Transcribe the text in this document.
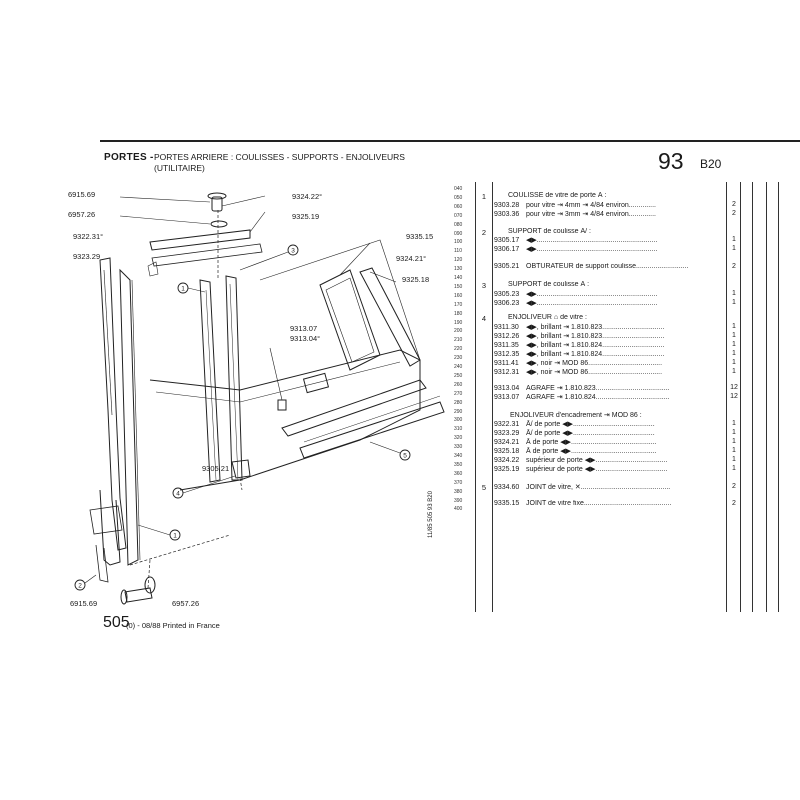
PORTES - PORTES ARRIERE : COULISSES - SUPPORTS - ENJOLIVEURS
(UTILITAIRE)	93 B20
1
3
4
1
5
2
6915.69
6957.26
9322.31°
9323.29
9324.22°
9325.19
9335.15
9324.21°
9325.18
9313.07
9313.04°
9305.21
6915.69	6957.26
040
050
060
070
080
090
100
110
120
130
140
150
160
170
180
190
200
210
220
230
240
250
260
270
280
290
300
310
320
330
340
350
360
370
380
390
400
1	COULISSE de vitre de porte Ā :
9303.28 pour vitre ⇥ 4mm ⇥ 4/84 environ..............	2
9303.36 pour vitre ⇥ 3mm ⇥ 4/84 environ..............	2
2	SUPPORT de coulisse Ā/ :
9305.17 ◀▶..............................................................	1
9306.17 ◀▶..............................................................	1
9305.21 OBTURATEUR de support coulisse...........................	2
3	SUPPORT de coulisse Ā :
9305.23 ◀▶..............................................................	1
9306.23 ◀▶..............................................................	1
4	ENJOLIVEUR ⌂ de vitre :
9311.30 ◀▶, brillant ⇥ 1.810.823................................	1
9312.26 ◀▶, brillant ⇥ 1.810.823................................	1
9311.35 ◀▶, brillant ⇥ 1.810.824................................	1
9312.35 ◀▶, brillant ⇥ 1.810.824................................	1
9311.41 ◀▶, noir ⇥ MOD 86......................................	1
9312.31 ◀▶, noir ⇥ MOD 86......................................	1
9313.04 AGRAFE ⇥ 1.810.823......................................	12
9313.07 AGRAFE ⇥ 1.810.824......................................	12
ENJOLIVEUR d'encadrement ⇥ MOD 86 :
9322.31 Ā/ de porte ◀▶..........................................	1
9323.29 Ā/ de porte ◀▶..........................................	1
9324.21 Ā de porte ◀▶............................................	1
9325.18 Ā de porte ◀▶............................................	1
9324.22 supérieur de porte ◀▶.....................................	1
9325.19 supérieur de porte ◀▶.....................................	1
5	9334.60 JOINT de vitre, ✕..............................................	2
9335.15 JOINT de vitre fixe.............................................	2
11/85 505 93 B20
505
(0) - 08/88 Printed in France
